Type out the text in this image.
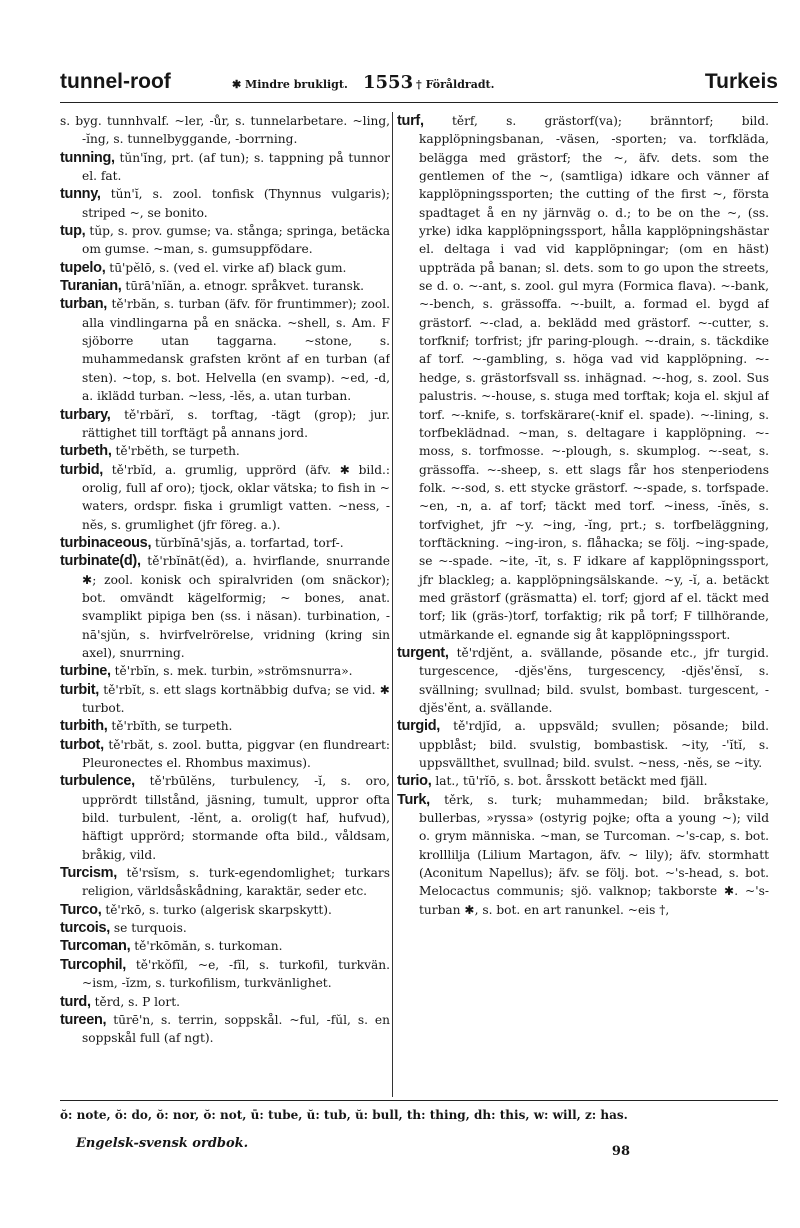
tunnel-roof	✱ Mindre brukligt. 1553 † Föråldradt.	Turkeis

s. byg. tunnhvalf. ~ler, -ůr, s. tunnelarbetare. ~ling, -ĭng, s. tunnelbyggande, -borrning.

tunning, tŭn'ĭng, prt. (af tun); s. tappning på tunnor el. fat.

tunny, tŭn'ĭ, s. zool. tonfisk (Thynnus vulgaris); striped ~, se bonito.

tup, tŭp, s. prov. gumse; va. stånga; springa, betäcka om gumse. ~man, s. gumsuppfödare.

tupelo, tū'pĕlō, s. (ved el. virke af) black gum.

Turanian, tūrā'nĭăn, a. etnogr. språkvet. turansk.

turban, tě'rbăn, s. turban (äfv. för fruntimmer); zool. alla vindlingarna på en snäcka. ~shell, s. Am. F sjöborre utan taggarna. ~stone, s. muhammedansk grafsten krönt af en turban (af sten). ~top, s. bot. Helvella (en svamp). ~ed, -d, a. iklädd turban. ~less, -lĕs, a. utan turban.

turbary, tě'rbărĭ, s. torftag, -tägt (grop); jur. rättighet till torftägt på annans jord.

turbeth, tě'rbĕth, se turpeth.

turbid, tě'rbĭd, a. grumlig, upprörd (äfv. ✱ bild.: orolig, full af oro); tjock, oklar vätska; to fish in ~ waters, ordspr. fiska i grumligt vatten. ~ness, -nĕs, s. grumlighet (jfr föreg. a.).

turbinaceous, tŭrbĭnā'sjăs, a. torfartad, torf-.

turbinate(d), tě'rbĭnāt(ĕd), a. hvirflande, snurrande ✱; zool. konisk och spiralvriden (om snäckor); bot. omvändt kägelformig; ~ bones, anat. svamplikt pipiga ben (ss. i näsan). turbination, -nā'sjŭn, s. hvirfvelrörelse, vridning (kring sin axel), snurrning.

turbine, tě'rbĭn, s. mek. turbin, »strömsnurra».

turbit, tě'rbĭt, s. ett slags kortnäbbig dufva; se vid. ✱ turbot.

turbith, tě'rbĭth, se turpeth.

turbot, tě'rbăt, s. zool. butta, piggvar (en flundreart: Pleuronectes el. Rhombus maximus).

turbulence, tě'rbūlĕns, turbulency, -ĭ, s. oro, upprördt tillstånd, jäsning, tumult, uppror ofta bild. turbulent, -lĕnt, a. orolig(t haf, hufvud), häftigt upprörd; stormande ofta bild., våldsam, bråkig, vild.

Turcism, tě'rsĭsm, s. turk-egendomlighet; turkars religion, världsåskådning, karaktär, seder etc.

Turco, tě'rkō, s. turko (algerisk skarpskytt).

turcois, se turquois.

Turcoman, tě'rkōmăn, s. turkoman.

Turcophil, tě'rkŏfĭl, ~e, -fĭl, s. turkofil, turkvän. ~ism, -ĭzm, s. turkofilism, turkvänlighet.

turd, těrd, s. P lort.

tureen, tūrē'n, s. terrin, soppskål. ~ful, -fŭl, s. en soppskål full (af ngt).

turf, těrf, s. grästorf(va); bränntorf; bild. kapplöpningsbanan, -väsen, -sporten; va. torfkläda, belägga med grästorf; the ~, äfv. dets. som the gentlemen of the ~, (samtliga) idkare och vänner af kapplöpningssporten; the cutting of the first ~, första spadtaget å en ny järnväg o. d.; to be on the ~, (ss. yrke) idka kapplöpningssport, hålla kapplöpningshästar el. deltaga i vad vid kapplöpningar; (om en häst) uppträda på banan; sl. dets. som to go upon the streets, se d. o. ~-ant, s. zool. gul myra (Formica flava). ~-bank, ~-bench, s. grässoffa. ~-built, a. formad el. bygd af grästorf. ~-clad, a. beklädd med grästorf. ~-cutter, s. torfknif; torfrist; jfr paring-plough. ~-drain, s. täckdike af torf. ~-gambling, s. höga vad vid kapplöpning. ~-hedge, s. grästorfsvall ss. inhägnad. ~-hog, s. zool. Sus palustris. ~-house, s. stuga med torftak; koja el. skjul af torf. ~-knife, s. torfskärare(-knif el. spade). ~-lining, s. torfbeklädnad. ~man, s. deltagare i kapplöpning. ~-moss, s. torfmosse. ~-plough, s. skumplog. ~-seat, s. grässoffa. ~-sheep, s. ett slags får hos stenperiodens folk. ~-sod, s. ett stycke grästorf. ~-spade, s. torfspade. ~en, -n, a. af torf; täckt med torf. ~iness, -ĭnĕs, s. torfvighet, jfr ~y. ~ing, -ĭng, prt.; s. torfbeläggning, torftäckning. ~ing-iron, s. flåhacka; se följ. ~ing-spade, se ~-spade. ~ite, -īt, s. F idkare af kapplöpningssport, jfr blackleg; a. kapplöpningsälskande. ~y, -ĭ, a. betäckt med grästorf (gräsmatta) el. torf; gjord af el. täckt med torf; lik (gräs-)torf, torfaktig; rik på torf; F tillhörande, utmärkande el. egnande sig åt kapplöpningssport.

turgent, tě'rdjĕnt, a. svällande, pösande etc., jfr turgid. turgescence, -djĕs'ĕns, turgescency, -djĕs'ĕnsĭ, s. svällning; svullnad; bild. svulst, bombast. turgescent, -djĕs'ĕnt, a. svällande.

turgid, tě'rdjĭd, a. uppsväld; svullen; pösande; bild. uppblåst; bild. svulstig, bombastisk. ~ity, -'ĭtĭ, s. uppsvällthet, svullnad; bild. svulst. ~ness, -nĕs, se ~ity.

turio, lat., tū'rĭō, s. bot. årsskott betäckt med fjäll.

Turk, těrk, s. turk; muhammedan; bild. bråkstake, bullerbas, »ryssa» (ostyrig pojke; ofta a young ~); vild o. grym människa. ~man, se Turcoman. ~'s-cap, s. bot. krolllilja (Lilium Martagon, äfv. ~ lily); äfv. stormhatt (Aconitum Napellus); äfv. se följ. bot. ~'s-head, s. bot. Melocactus communis; sjö. valknop; takborste ✱. ~'s-turban ✱, s. bot. en art ranunkel. ~eis †,

ŏ: note, ŏ: do, ŏ: nor, ŏ: not, ū: tube, ŭ: tub, ŭ: bull, th: thing, dh: this, w: will, z: has.
Engelsk-svensk ordbok.
98
